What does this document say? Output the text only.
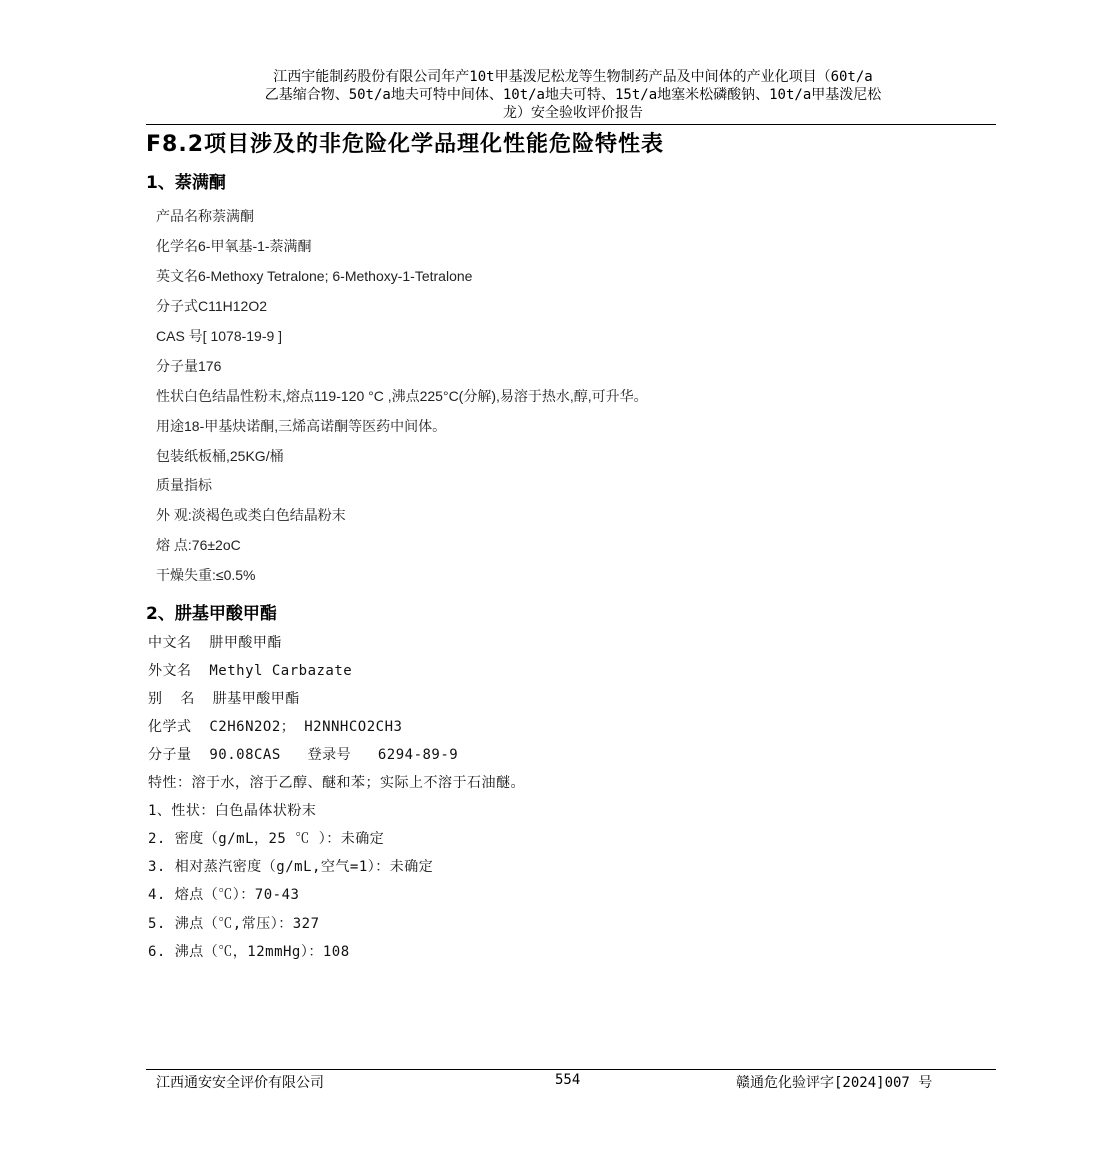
江西宇能制药股份有限公司年产10t甲基泼尼松龙等生物制药产品及中间体的产业化项目（60t/a
乙基缩合物、50t/a地夫可特中间体、10t/a地夫可特、15t/a地塞米松磷酸钠、10t/a甲基泼尼松
龙）安全验收评价报告
F8.2项目涉及的非危险化学品理化性能危险特性表
1、萘满酮
产品名称萘满酮
化学名6-甲氧基-1-萘满酮
英文名6-Methoxy Tetralone; 6-Methoxy-1-Tetralone
分子式C11H12O2
CAS 号[ 1078-19-9 ]
分子量176
性状白色结晶性粉末,熔点119-120 °C ,沸点225°C(分解),易溶于热水,醇,可升华。
用途18-甲基炔诺酮,三烯高诺酮等医药中间体。
包装纸板桶,25KG/桶
质量指标
外 观:淡褐色或类白色结晶粉末
熔 点:76±2oC
干燥失重:≤0.5%
2、肼基甲酸甲酯
中文名  肼甲酸甲酯
外文名  Methyl Carbazate
别  名  肼基甲酸甲酯
化学式  C2H6N2O2； H2NNHCO2CH3
分子量  90.08CAS   登录号   6294-89-9
特性：溶于水，溶于乙醇、醚和苯；实际上不溶于石油醚。
1、性状：白色晶体状粉末
2. 密度（g/mL，25 ℃ ）：未确定
3. 相对蒸汽密度（g/mL,空气=1）：未确定
4. 熔点（℃）：70-43
5. 沸点（℃,常压）：327
6. 沸点（℃，12mmHg）：108
江西通安安全评价有限公司	554	赣通危化验评字[2024]007 号
